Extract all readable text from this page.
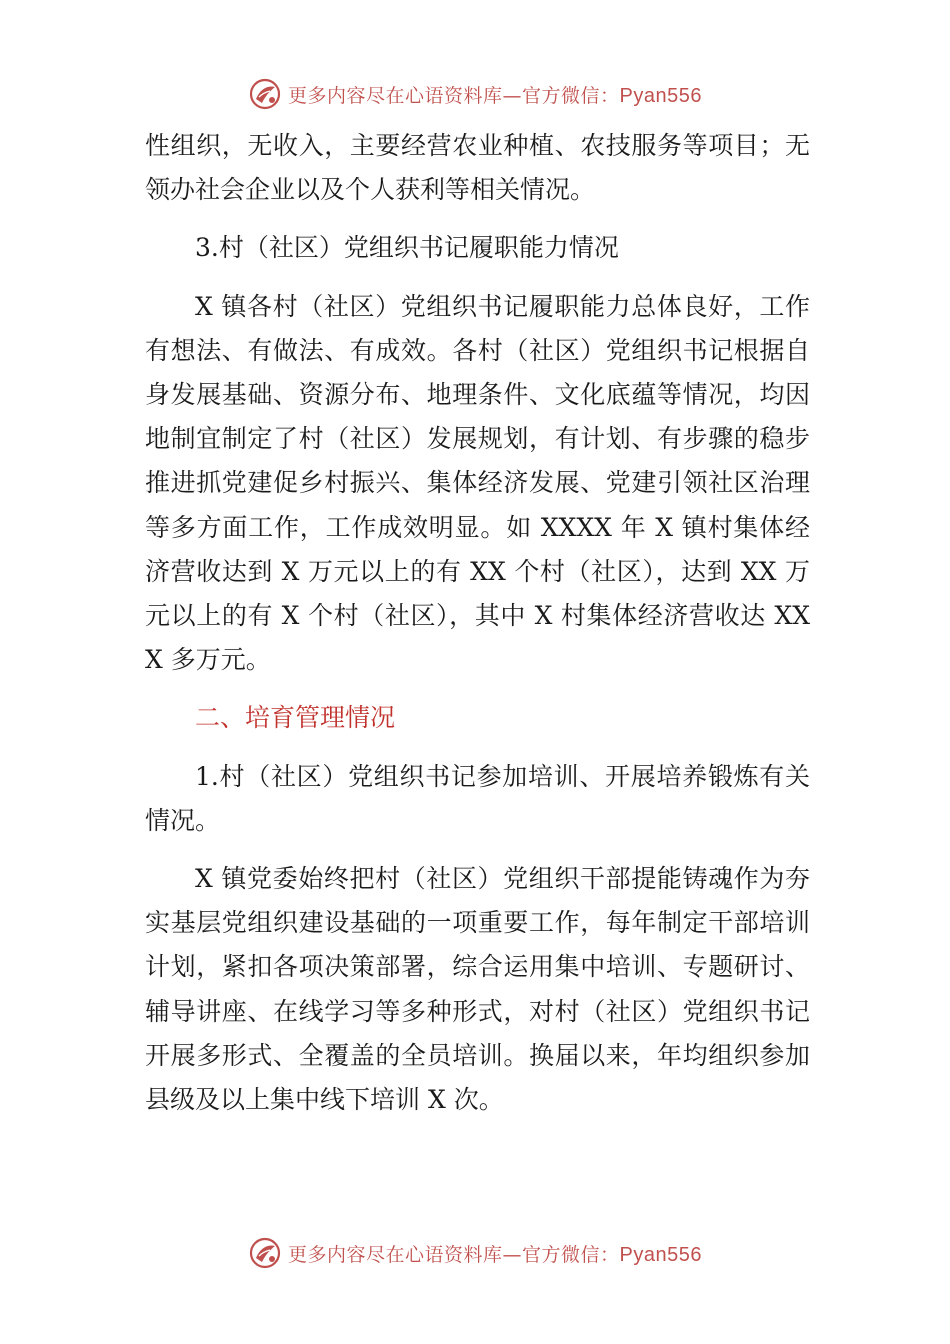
更多内容尽在心语资料库—官方微信：Pyan556

性组织，无收入，主要经营农业种植、农技服务等项目；无领办社会企业以及个人获利等相关情况。

3.村（社区）党组织书记履职能力情况

X 镇各村（社区）党组织书记履职能力总体良好，工作有想法、有做法、有成效。各村（社区）党组织书记根据自身发展基础、资源分布、地理条件、文化底蕴等情况，均因地制宜制定了村（社区）发展规划，有计划、有步骤的稳步推进抓党建促乡村振兴、集体经济发展、党建引领社区治理等多方面工作，工作成效明显。如 XXXX 年 X 镇村集体经济营收达到 X 万元以上的有 XX 个村（社区），达到 XX 万元以上的有 X 个村（社区），其中 X 村集体经济营收达 XXX 多万元。

二、培育管理情况

1.村（社区）党组织书记参加培训、开展培养锻炼有关情况。

X 镇党委始终把村（社区）党组织干部提能铸魂作为夯实基层党组织建设基础的一项重要工作，每年制定干部培训计划，紧扣各项决策部署，综合运用集中培训、专题研讨、辅导讲座、在线学习等多种形式，对村（社区）党组织书记开展多形式、全覆盖的全员培训。换届以来，年均组织参加县级及以上集中线下培训 X 次。

更多内容尽在心语资料库—官方微信：Pyan556
